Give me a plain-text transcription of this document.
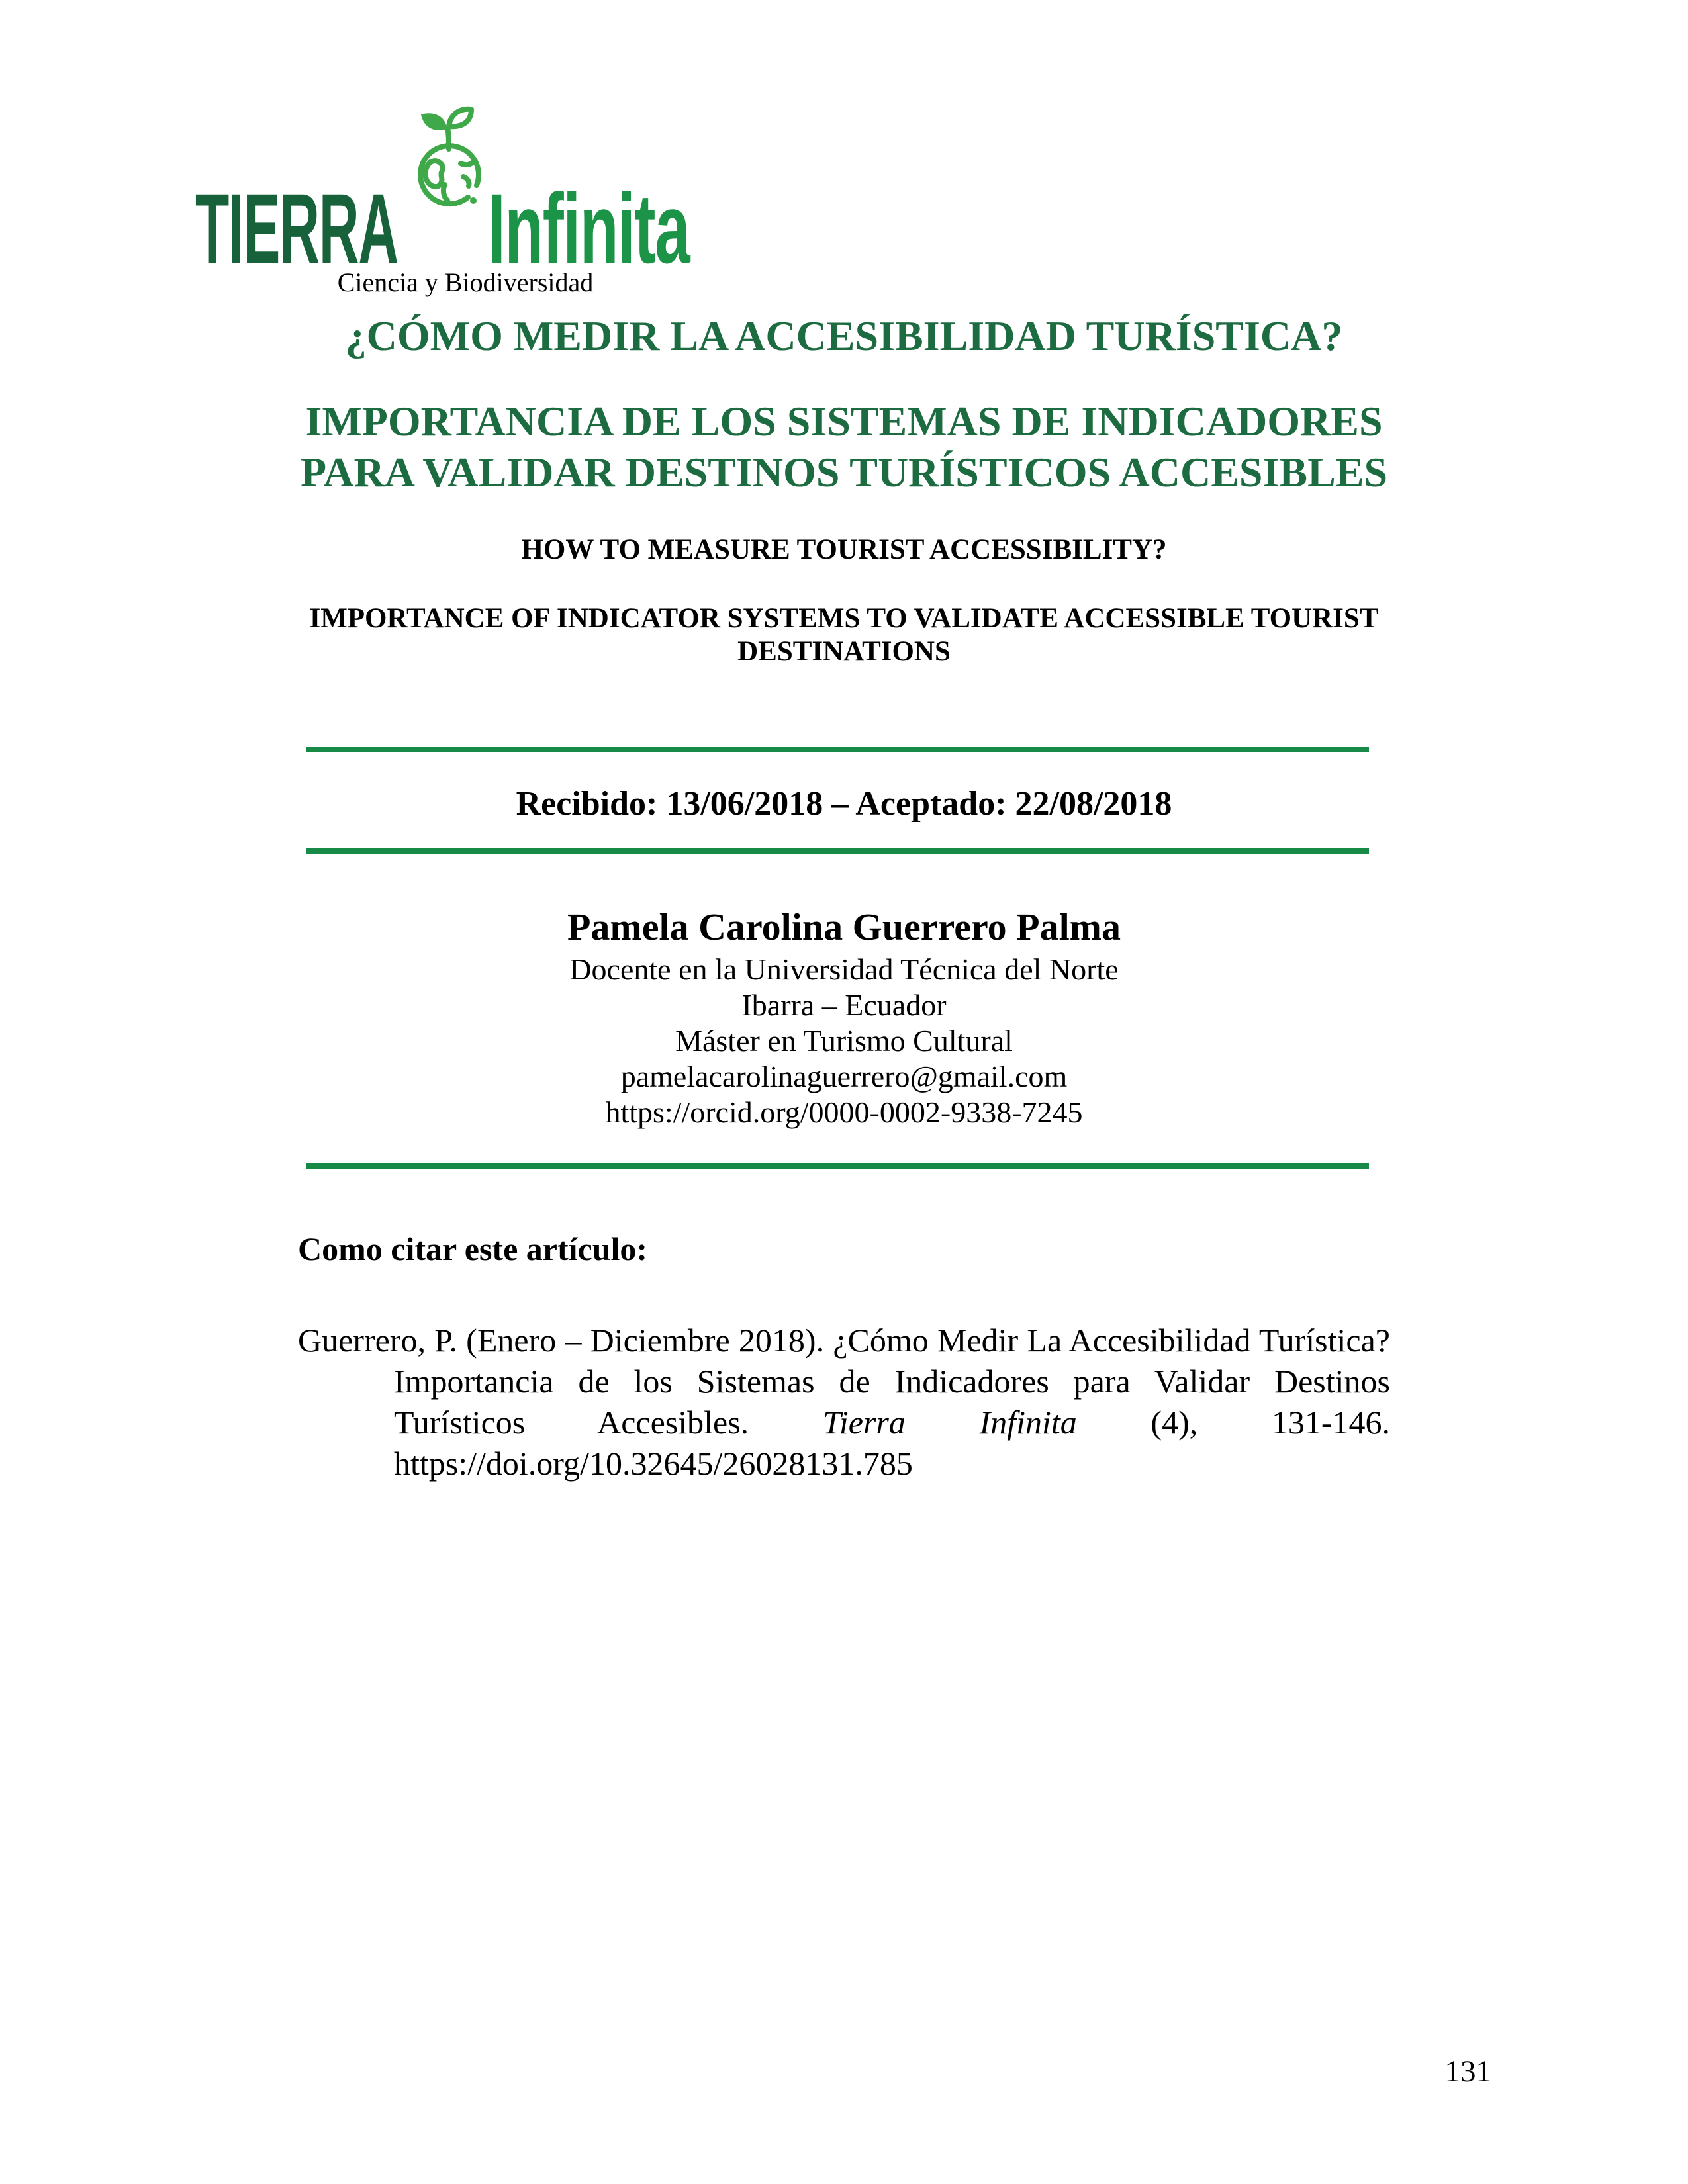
TIERRA Infinita
Ciencia y Biodiversidad
¿CÓMO MEDIR LA ACCESIBILIDAD TURÍSTICA?
IMPORTANCIA DE LOS SISTEMAS DE INDICADORES
PARA VALIDAR DESTINOS TURÍSTICOS ACCESIBLES
HOW TO MEASURE TOURIST ACCESSIBILITY?
IMPORTANCE OF INDICATOR SYSTEMS TO VALIDATE ACCESSIBLE TOURIST
DESTINATIONS
Recibido: 13/06/2018 – Aceptado: 22/08/2018
Pamela Carolina Guerrero Palma
Docente en la Universidad Técnica del Norte
Ibarra – Ecuador
Máster en Turismo Cultural
pamelacarolinaguerrero@gmail.com
https://orcid.org/0000-0002-9338-7245
Como citar este artículo:
Guerrero, P. (Enero – Diciembre 2018). ¿Cómo Medir La Accesibilidad Turística? Importancia de los Sistemas de Indicadores para Validar Destinos Turísticos Accesibles. Tierra Infinita (4), 131-146. https://doi.org/10.32645/26028131.785
131
